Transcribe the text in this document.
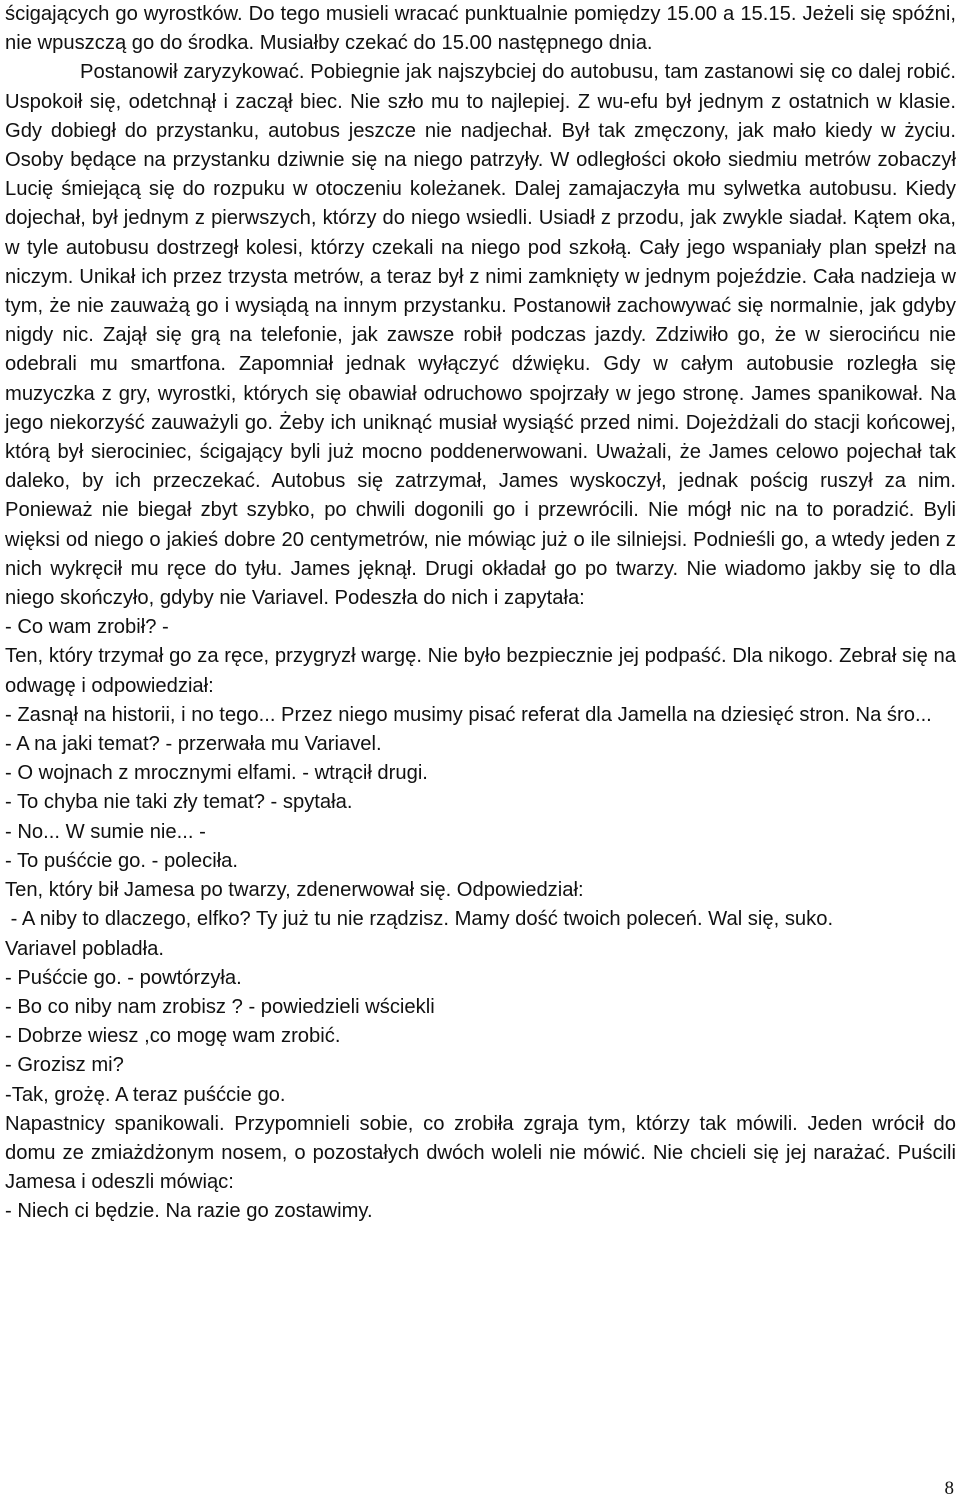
ścigających go wyrostków. Do tego musieli wracać punktualnie pomiędzy 15.00 a 15.15. Jeżeli się spóźni, nie wpuszczą go do środka. Musiałby czekać do 15.00 następnego dnia.

Postanowił zaryzykować. Pobiegnie jak najszybciej do autobusu, tam zastanowi się co dalej robić. Uspokoił się, odetchnął i zaczął biec. Nie szło mu to najlepiej. Z wu-efu był jednym z ostatnich w klasie. Gdy dobiegł do przystanku, autobus jeszcze nie nadjechał. Był tak zmęczony, jak mało kiedy w życiu. Osoby będące na przystanku dziwnie się na niego patrzyły. W odległości około siedmiu metrów zobaczył Lucię śmiejącą się do rozpuku w otoczeniu koleżanek. Dalej zamajaczyła mu sylwetka autobusu. Kiedy dojechał, był jednym z pierwszych, którzy do niego wsiedli. Usiadł z przodu, jak zwykle siadał. Kątem oka, w tyle autobusu dostrzegł kolesi, którzy czekali na niego pod szkołą. Cały jego wspaniały plan spełzł na niczym. Unikał ich przez trzysta metrów, a teraz był z nimi zamknięty w jednym pojeździe. Cała nadzieja w tym, że nie zauważą go i wysiądą na innym przystanku. Postanowił zachowywać się normalnie, jak gdyby nigdy nic. Zajął się grą na telefonie, jak zawsze robił podczas jazdy. Zdziwiło go, że w sierocińcu nie odebrali mu smartfona. Zapomniał jednak wyłączyć dźwięku. Gdy w całym autobusie rozległa się muzyczka z gry, wyrostki, których się obawiał odruchowo spojrzały w jego stronę. James spanikował. Na jego niekorzyść zauważyli go. Żeby ich uniknąć musiał wysiąść przed nimi. Dojeżdżali do stacji końcowej, którą był sierociniec, ścigający byli już mocno poddenerwowani. Uważali, że James celowo pojechał tak daleko, by ich przeczekać. Autobus się zatrzymał, James wyskoczył, jednak pościg ruszył za nim. Ponieważ nie biegał zbyt szybko, po chwili dogonili go i przewrócili. Nie mógł nic na to poradzić. Byli więksi od niego o jakieś dobre 20 centymetrów, nie mówiąc już o ile silniejsi. Podnieśli go, a wtedy jeden z nich wykręcił mu ręce do tyłu. James jęknął. Drugi okładał go po twarzy. Nie wiadomo jakby się to dla niego skończyło, gdyby nie Variavel. Podeszła do nich i zapytała:

- Co wam zrobił? -

Ten, który trzymał go za ręce, przygryzł wargę. Nie było bezpiecznie jej podpaść. Dla nikogo. Zebrał się na odwagę i odpowiedział:

- Zasnął na historii, i no tego... Przez niego musimy pisać referat dla Jamella na dziesięć stron. Na śro...

- A na jaki temat? - przerwała mu Variavel.

- O wojnach z mrocznymi elfami. - wtrącił drugi.

- To chyba nie taki zły temat? - spytała.

- No... W sumie nie... -

- To puśćcie go. - poleciła.

Ten, który bił Jamesa po twarzy, zdenerwował się. Odpowiedział:

- A niby to dlaczego, elfko? Ty już tu nie rządzisz. Mamy dość twoich poleceń. Wal się, suko.

Variavel pobladła.

- Puśćcie go. - powtórzyła.

- Bo co niby nam zrobisz ? - powiedzieli wściekli

- Dobrze wiesz ,co mogę wam zrobić.

- Grozisz mi?

-Tak, grożę. A teraz puśćcie go.

Napastnicy spanikowali. Przypomnieli sobie, co zrobiła zgraja tym, którzy tak mówili. Jeden wrócił do domu ze zmiażdżonym nosem, o pozostałych dwóch woleli nie mówić. Nie chcieli się jej narażać. Puścili Jamesa i odeszli mówiąc:

- Niech ci będzie. Na razie go zostawimy.

8
